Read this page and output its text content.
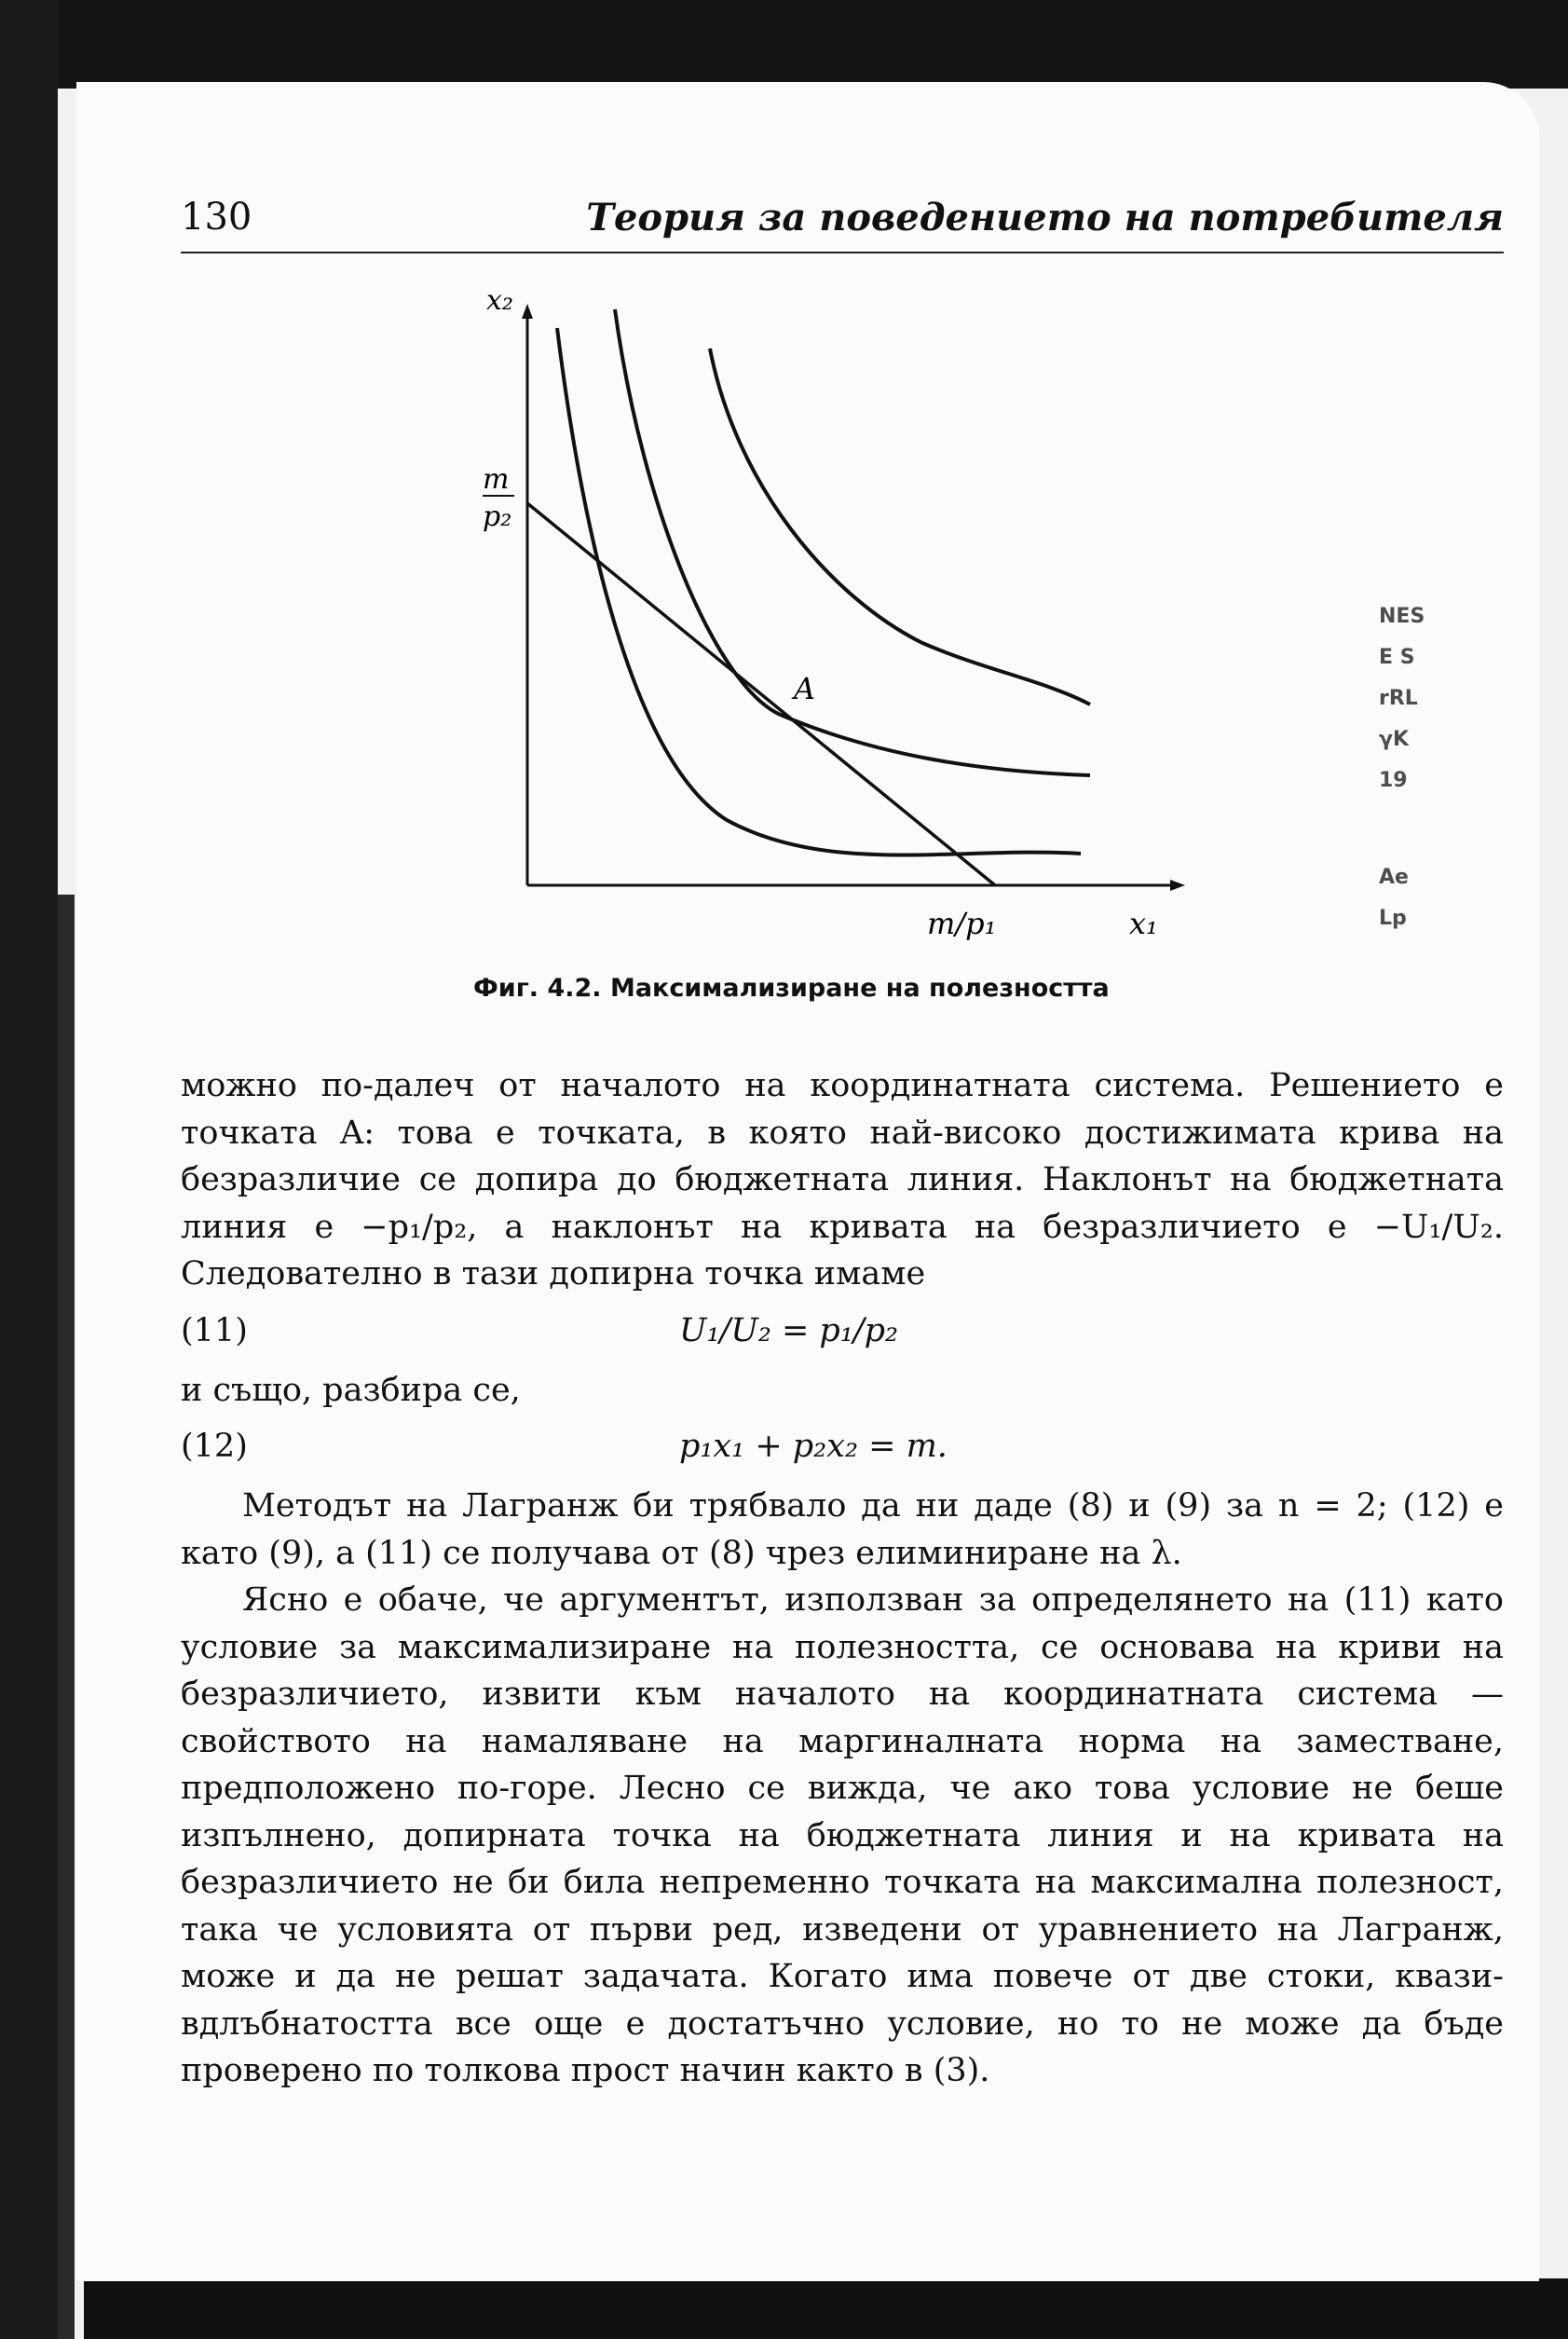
130	Теория за поведението на потребителя
x₂
m
p₂
A
m/p₁	x₁
Фиг. 4.2. Максимализиране на полезността
NES
E S
rRL
γK
19
Ae
Lp

можно по-далеч от началото на координатната система. Решението е точката A: това е точката, в която най-високо достижимата крива на безразличие се допира до бюджетната линия. Наклонът на бюджетната линия е −p₁/p₂, а наклонът на кривата на безразличието е −U₁/U₂. Следователно в тази допирна точка имаме

(11)	U₁/U₂ = p₁/p₂

и също, разбира се,

(12)	p₁x₁ + p₂x₂ = m.

Методът на Лагранж би трябвало да ни даде (8) и (9) за n = 2; (12) е като (9), а (11) се получава от (8) чрез елиминиране на λ.

Ясно е обаче, че аргументът, използван за определянето на (11) като условие за максимализиране на полезността, се основава на криви на безразличието, извити към началото на координатната система — свойството на намаляване на маргиналната норма на заместване, предположено по-горе. Лесно се вижда, че ако това условие не беше изпълнено, допирната точка на бюджетната линия и на кривата на безразличието не би била непременно точката на максимална полезност, така че условията от първи ред, изведени от уравнението на Лагранж, може и да не решат задачата. Когато има повече от две стоки, квази-вдлъбнатостта все още е достатъчно условие, но то не може да бъде проверено по толкова прост начин както в (3).
